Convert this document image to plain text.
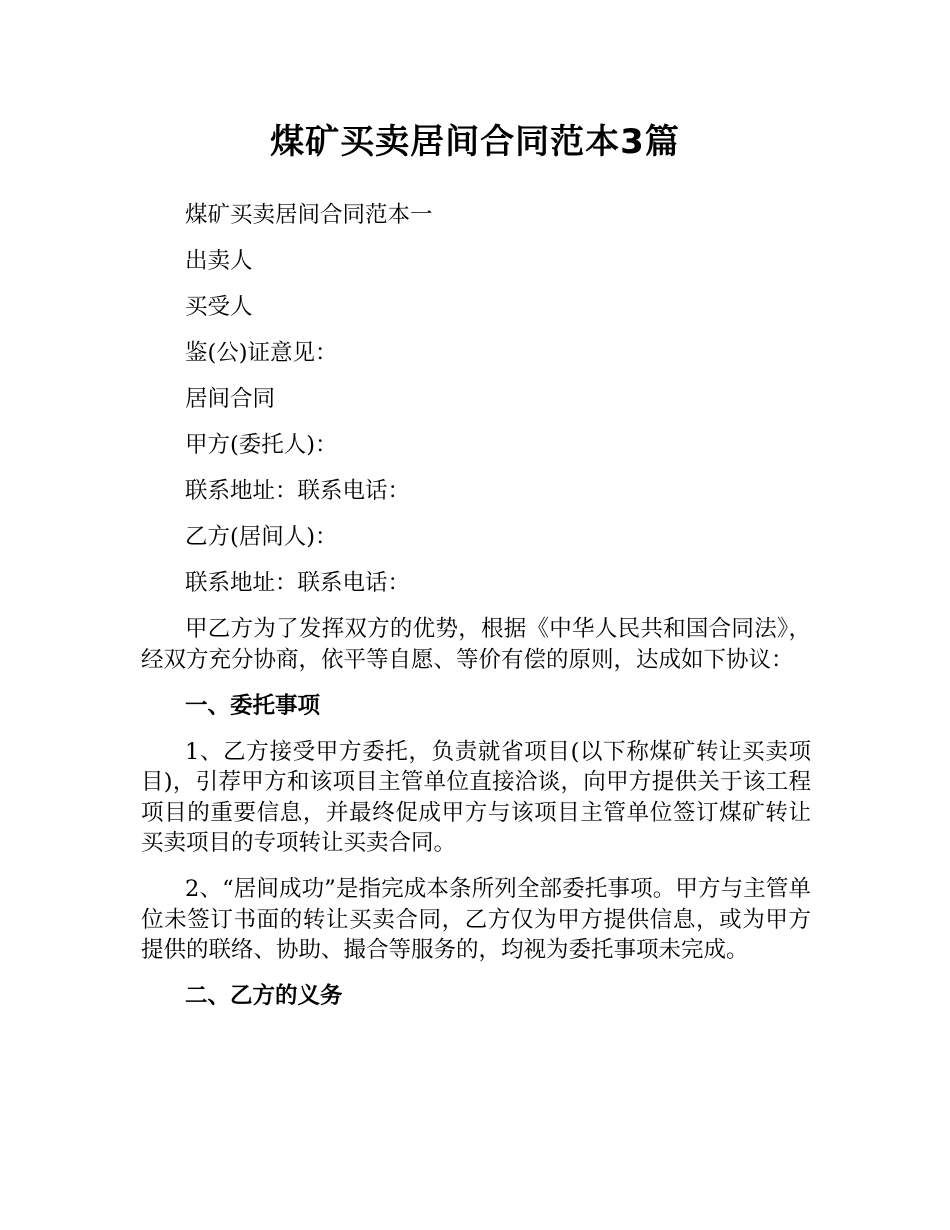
煤矿买卖居间合同范本3篇

煤矿买卖居间合同范本一

出卖人

买受人

鉴(公)证意见：

居间合同

甲方(委托人)：

联系地址：联系电话：

乙方(居间人)：

联系地址：联系电话：

甲乙方为了发挥双方的优势，根据《中华人民共和国合同法》，经双方充分协商，依平等自愿、等价有偿的原则，达成如下协议：

一、委托事项

1、乙方接受甲方委托，负责就省项目(以下称煤矿转让买卖项目)，引荐甲方和该项目主管单位直接洽谈，向甲方提供关于该工程项目的重要信息，并最终促成甲方与该项目主管单位签订煤矿转让买卖项目的专项转让买卖合同。

2、“居间成功”是指完成本条所列全部委托事项。甲方与主管单位未签订书面的转让买卖合同，乙方仅为甲方提供信息，或为甲方提供的联络、协助、撮合等服务的，均视为委托事项未完成。

二、乙方的义务
